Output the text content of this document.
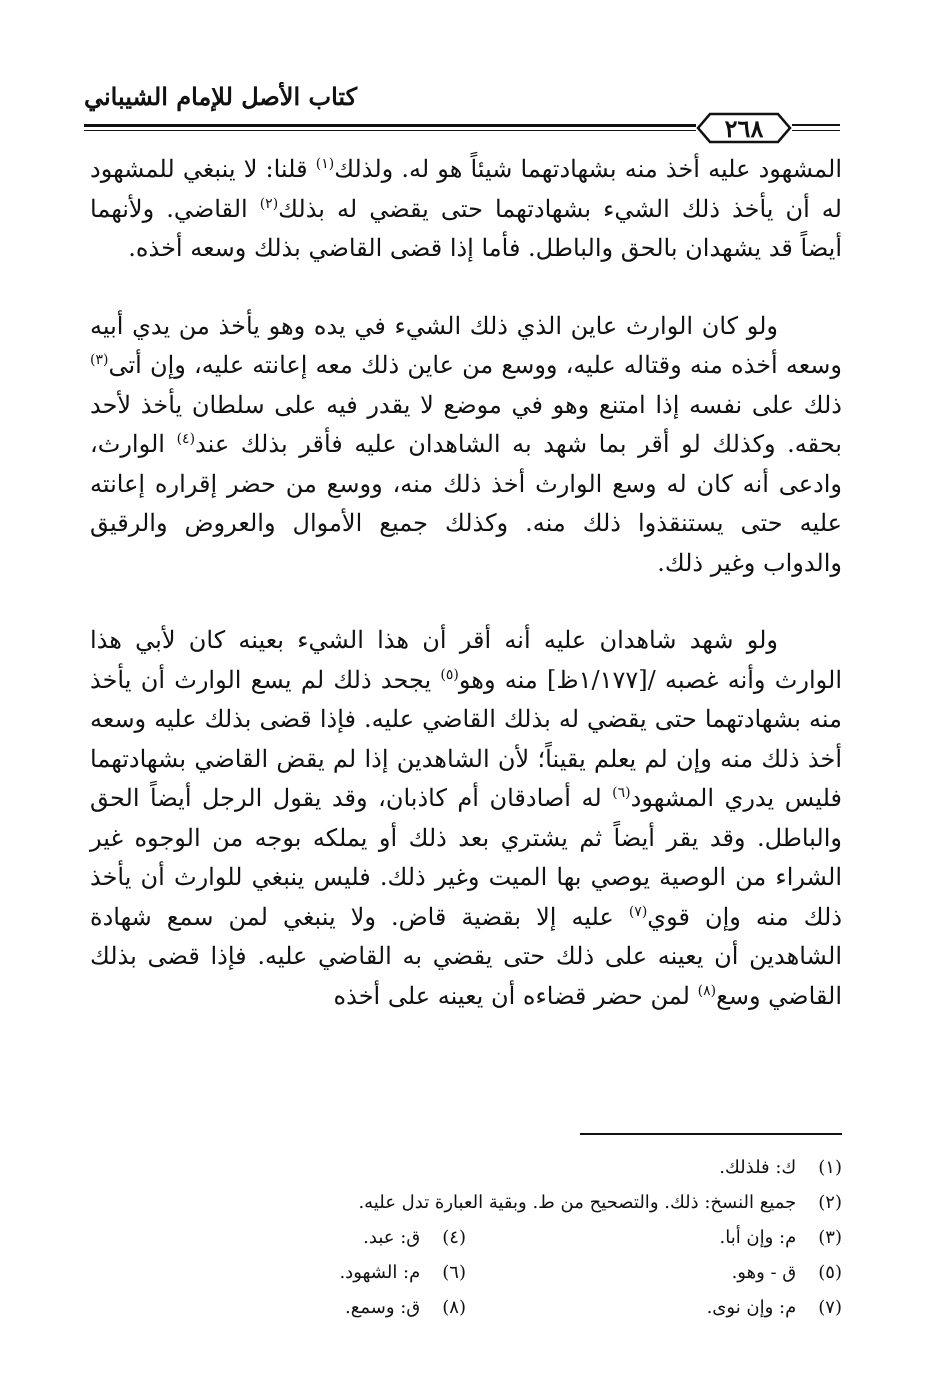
كتاب الأصل للإمام الشيباني
٢٦٨

المشهود عليه أخذ منه بشهادتهما شيئاً هو له. ولذلك$^{(١)}$ قلنا: لا ينبغي للمشهود له أن يأخذ ذلك الشيء بشهادتهما حتى يقضي له بذلك$^{(٢)}$ القاضي. ولأنهما أيضاً قد يشهدان بالحق والباطل. فأما إذا قضى القاضي بذلك وسعه أخذه.

ولو كان الوارث عاين الذي ذلك الشيء في يده وهو يأخذ من يدي أبيه وسعه أخذه منه وقتاله عليه، ووسع من عاين ذلك معه إعانته عليه، وإن أتى$^{(٣)}$ ذلك على نفسه إذا امتنع وهو في موضع لا يقدر فيه على سلطان يأخذ لأحد بحقه. وكذلك لو أقر بما شهد به الشاهدان عليه فأقر بذلك عند$^{(٤)}$ الوارث، وادعى أنه كان له وسع الوارث أخذ ذلك منه، ووسع من حضر إقراره إعانته عليه حتى يستنقذوا ذلك منه. وكذلك جميع الأموال والعروض والرقيق والدواب وغير ذلك.

ولو شهد شاهدان عليه أنه أقر أن هذا الشيء بعينه كان لأبي هذا الوارث وأنه غصبه /[١/١٧٧ظ] منه وهو$^{(٥)}$ يجحد ذلك لم يسع الوارث أن يأخذ منه بشهادتهما حتى يقضي له بذلك القاضي عليه. فإذا قضى بذلك عليه وسعه أخذ ذلك منه وإن لم يعلم يقيناً؛ لأن الشاهدين إذا لم يقض القاضي بشهادتهما فليس يدري المشهود$^{(٦)}$ له أصادقان أم كاذبان، وقد يقول الرجل أيضاً الحق والباطل. وقد يقر أيضاً ثم يشتري بعد ذلك أو يملكه بوجه من الوجوه غير الشراء من الوصية يوصي بها الميت وغير ذلك. فليس ينبغي للوارث أن يأخذ ذلك منه وإن قوي$^{(٧)}$ عليه إلا بقضية قاض. ولا ينبغي لمن سمع شهادة الشاهدين أن يعينه على ذلك حتى يقضي به القاضي عليه. فإذا قضى بذلك القاضي وسع$^{(٨)}$ لمن حضر قضاءه أن يعينه على أخذه

(١) ك: فلذلك.
(٢) جميع النسخ: ذلك. والتصحيح من ط. وبقية العبارة تدل عليه.
(٣) م: وإن أبا.
(٤) ق: عبد.
(٥) ق - وهو.
(٦) م: الشهود.
(٧) م: وإن نوى.
(٨) ق: وسمع.
